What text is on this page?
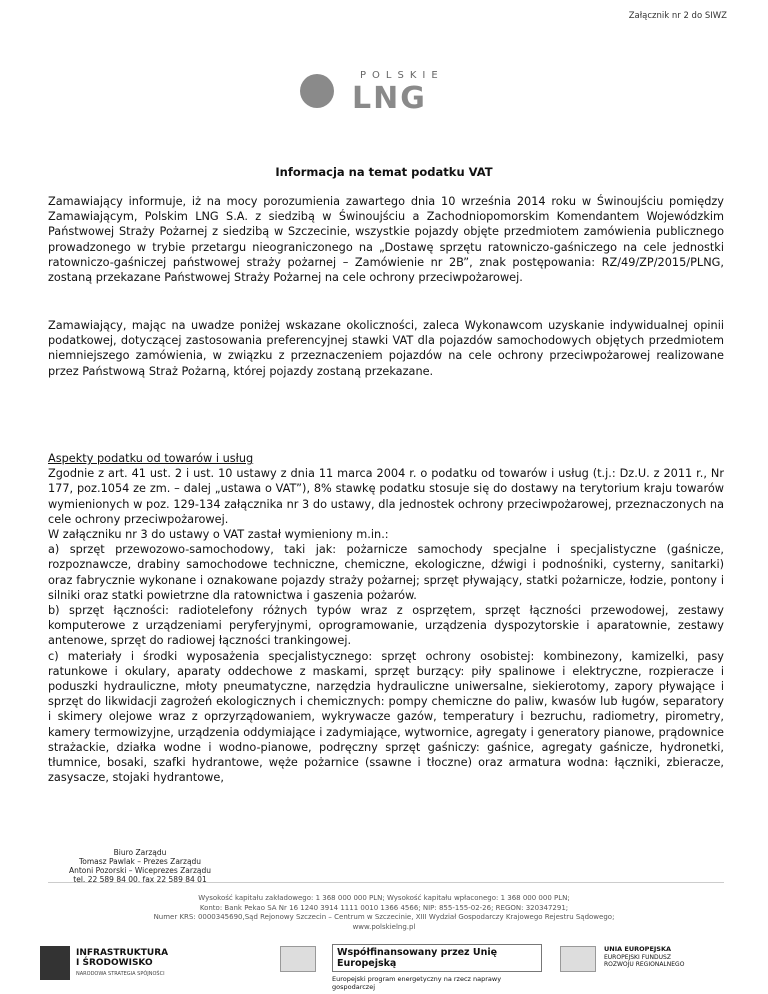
Załącznik nr 2 do SIWZ
POLSKIE
LNG
Informacja na temat podatku VAT

Zamawiający informuje, iż na mocy porozumienia zawartego dnia 10 września 2014 roku w Świnoujściu pomiędzy Zamawiającym, Polskim LNG S.A. z siedzibą w Świnoujściu a Zachodniopomorskim Komendantem Wojewódzkim Państwowej Straży Pożarnej z siedzibą w Szczecinie, wszystkie pojazdy objęte przedmiotem zamówienia publicznego prowadzonego w trybie przetargu nieograniczonego na „Dostawę sprzętu ratowniczo-gaśniczego na cele jednostki ratowniczo-gaśniczej państwowej straży pożarnej – Zamówienie nr 2B”, znak postępowania: RZ/49/ZP/2015/PLNG, zostaną przekazane Państwowej Straży Pożarnej na cele ochrony przeciwpożarowej.

Zamawiający, mając na uwadze poniżej wskazane okoliczności, zaleca Wykonawcom uzyskanie indywidualnej opinii podatkowej, dotyczącej zastosowania preferencyjnej stawki VAT dla pojazdów samochodowych objętych przedmiotem niemniejszego zamówienia, w związku z przeznaczeniem pojazdów na cele ochrony przeciwpożarowej realizowane przez Państwową Straż Pożarną, której pojazdy zostaną przekazane.

Aspekty podatku od towarów i usług

Zgodnie z art. 41 ust. 2 i ust. 10 ustawy z dnia 11 marca 2004 r. o podatku od towarów i usług (t.j.: Dz.U. z 2011 r., Nr 177, poz.1054 ze zm. – dalej „ustawa o VAT”), 8% stawkę podatku stosuje się do dostawy na terytorium kraju towarów wymienionych w poz. 129-134 załącznika nr 3 do ustawy, dla jednostek ochrony przeciwpożarowej, przeznaczonych na cele ochrony przeciwpożarowej.

W załączniku nr 3 do ustawy o VAT zastał wymieniony m.in.:

a) sprzęt przewozowo-samochodowy, taki jak: pożarnicze samochody specjalne i specjalistyczne (gaśnicze, rozpoznawcze, drabiny samochodowe techniczne, chemiczne, ekologiczne, dźwigi i podnośniki, cysterny, sanitarki) oraz fabrycznie wykonane i oznakowane pojazdy straży pożarnej; sprzęt pływający, statki pożarnicze, łodzie, pontony i silniki oraz statki powietrzne dla ratownictwa i gaszenia pożarów.

b) sprzęt łączności: radiotelefony różnych typów wraz z osprzętem, sprzęt łączności przewodowej, zestawy komputerowe z urządzeniami peryferyjnymi, oprogramowanie, urządzenia dyspozytorskie i aparatownie, zestawy antenowe, sprzęt do radiowej łączności trankingowej.

c) materiały i środki wyposażenia specjalistycznego: sprzęt ochrony osobistej: kombinezony, kamizelki, pasy ratunkowe i okulary, aparaty oddechowe z maskami, sprzęt burzący: piły spalinowe i elektryczne, rozpieracze i poduszki hydrauliczne, młoty pneumatyczne, narzędzia hydrauliczne uniwersalne, siekierotomy, zapory pływające i sprzęt do likwidacji zagrożeń ekologicznych i chemicznych: pompy chemiczne do paliw, kwasów lub ługów, separatory i skimery olejowe wraz z oprzyrządowaniem, wykrywacze gazów, temperatury i bezruchu, radiometry, pirometry, kamery termowizyjne, urządzenia oddymiające i zadymiające, wytwornice, agregaty i generatory pianowe, prądownice strażackie, działka wodne i wodno-pianowe, podręczny sprzęt gaśniczy: gaśnice, agregaty gaśnicze, hydronetki, tłumnice, bosaki, szafki hydrantowe, węże pożarnice (ssawne i tłoczne) oraz armatura wodna: łączniki, zbieracze, zasysacze, stojaki hydrantowe,

Biuro Zarządu
Tomasz Pawlak – Prezes Zarządu
Antoni Pozorski – Wiceprezes Zarządu
tel. 22 589 84 00, fax 22 589 84 01
Wysokość kapitału zakładowego: 1 368 000 000 PLN; Wysokość kapitału wpłaconego: 1 368 000 000 PLN;
Konto: Bank Pekao SA Nr 16 1240 3914 1111 0010 1366 4566; NIP: 855-155-02-26; REGON: 320347291;
Numer KRS: 0000345690,Sąd Rejonowy Szczecin – Centrum w Szczecinie, XIII Wydział Gospodarczy Krajowego Rejestru Sądowego;
www.polskielng.pl
INFRASTRUKTURA
I ŚRODOWISKO
NARODOWA STRATEGIA SPÓJNOŚCI
Współfinansowany przez Unię Europejską
Europejski program energetyczny na rzecz naprawy gospodarczej
UNIA EUROPEJSKA
EUROPEJSKI FUNDUSZ
ROZWOJU REGIONALNEGO
